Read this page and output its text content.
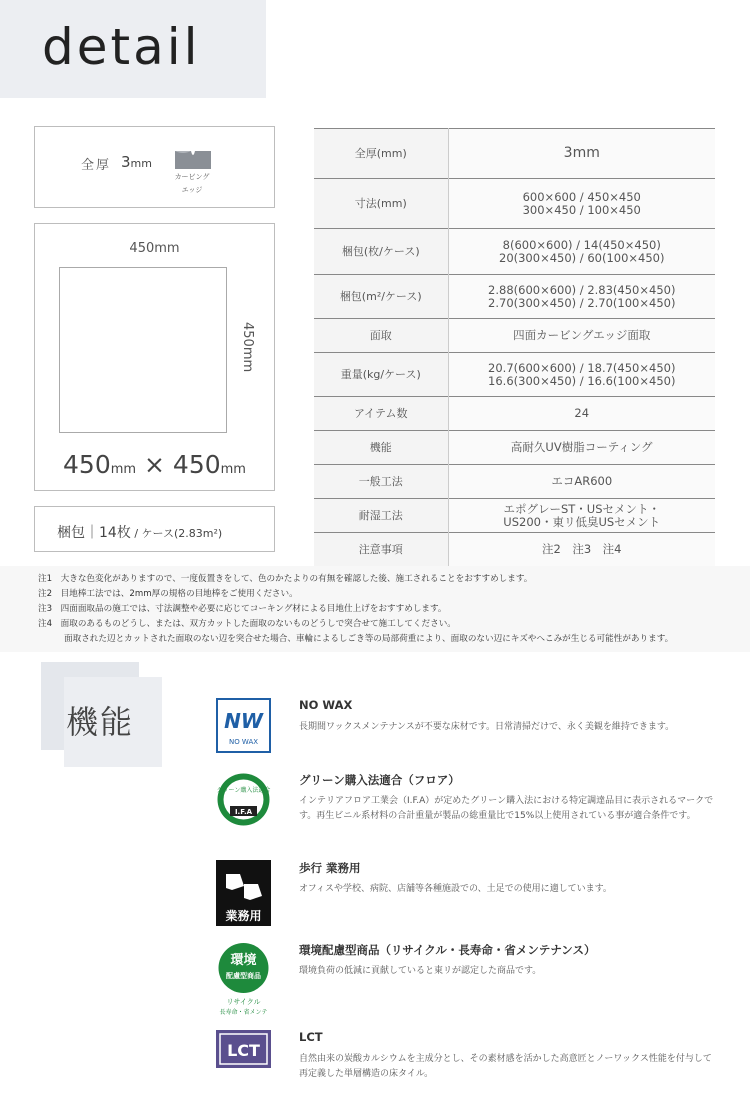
detail
全厚 3mm
カービング
エッジ
450mm
450mm
450mm × 450mm
梱包｜14枚 / ケース(2.83m²)
全厚(mm)	3mm

寸法(mm)	600×600 / 450×450
300×450 / 100×450

梱包(枚/ケース)	8(600×600) / 14(450×450)
20(300×450) / 60(100×450)

梱包(m²/ケース)	2.88(600×600) / 2.83(450×450)
2.70(300×450) / 2.70(100×450)

面取	四面カービングエッジ面取

重量(kg/ケース)	20.7(600×600) / 18.7(450×450)
16.6(300×450) / 16.6(100×450)

アイテム数	24

機能	高耐久UV樹脂コーティング

一般工法	エコAR600

耐湿工法	エポグレーST・USセメント・
US200・東リ低臭USセメント

注意事項	注2　注3　注4
注1　大きな色変化がありますので、一度仮置きをして、色のかたよりの有無を確認した後、施工されることをおすすめします。
注2　目地棒工法では、2mm厚の規格の目地棒をご使用ください。
注3　四面面取品の施工では、寸法調整や必要に応じてコーキング材による目地仕上げをおすすめします。
注4　面取のあるものどうし、または、双方カットした面取のないものどうしで突合せて施工してください。
面取された辺とカットされた面取のない辺を突合せた場合、車輪によるしごき等の局部荷重により、面取のない辺にキズやへこみが生じる可能性があります。
機能	NW
NO WAX
NO WAX
長期間ワックスメンテナンスが不要な床材です。日常清掃だけで、永く美観を維持できます。
グリーン購入法適合
I.F.A
グリーン購入法適合（フロア）
インテリアフロア工業会（I.F.A）が定めたグリーン購入法における特定調達品目に表示されるマークです。再生ビニル系材料の合計重量が製品の総重量比で15%以上使用されている事が適合条件です。
業務用
歩行 業務用
オフィスや学校、病院、店舗等各種施設での、土足での使用に適しています。
環境
配慮型商品
リサイクル
長寿命・省メンテ
環境配慮型商品（リサイクル・長寿命・省メンテナンス）
環境負荷の低減に貢献していると東リが認定した商品です。
LCT
LCT
自然由来の炭酸カルシウムを主成分とし、その素材感を活かした高意匠とノーワックス性能を付与して再定義した単層構造の床タイル。
